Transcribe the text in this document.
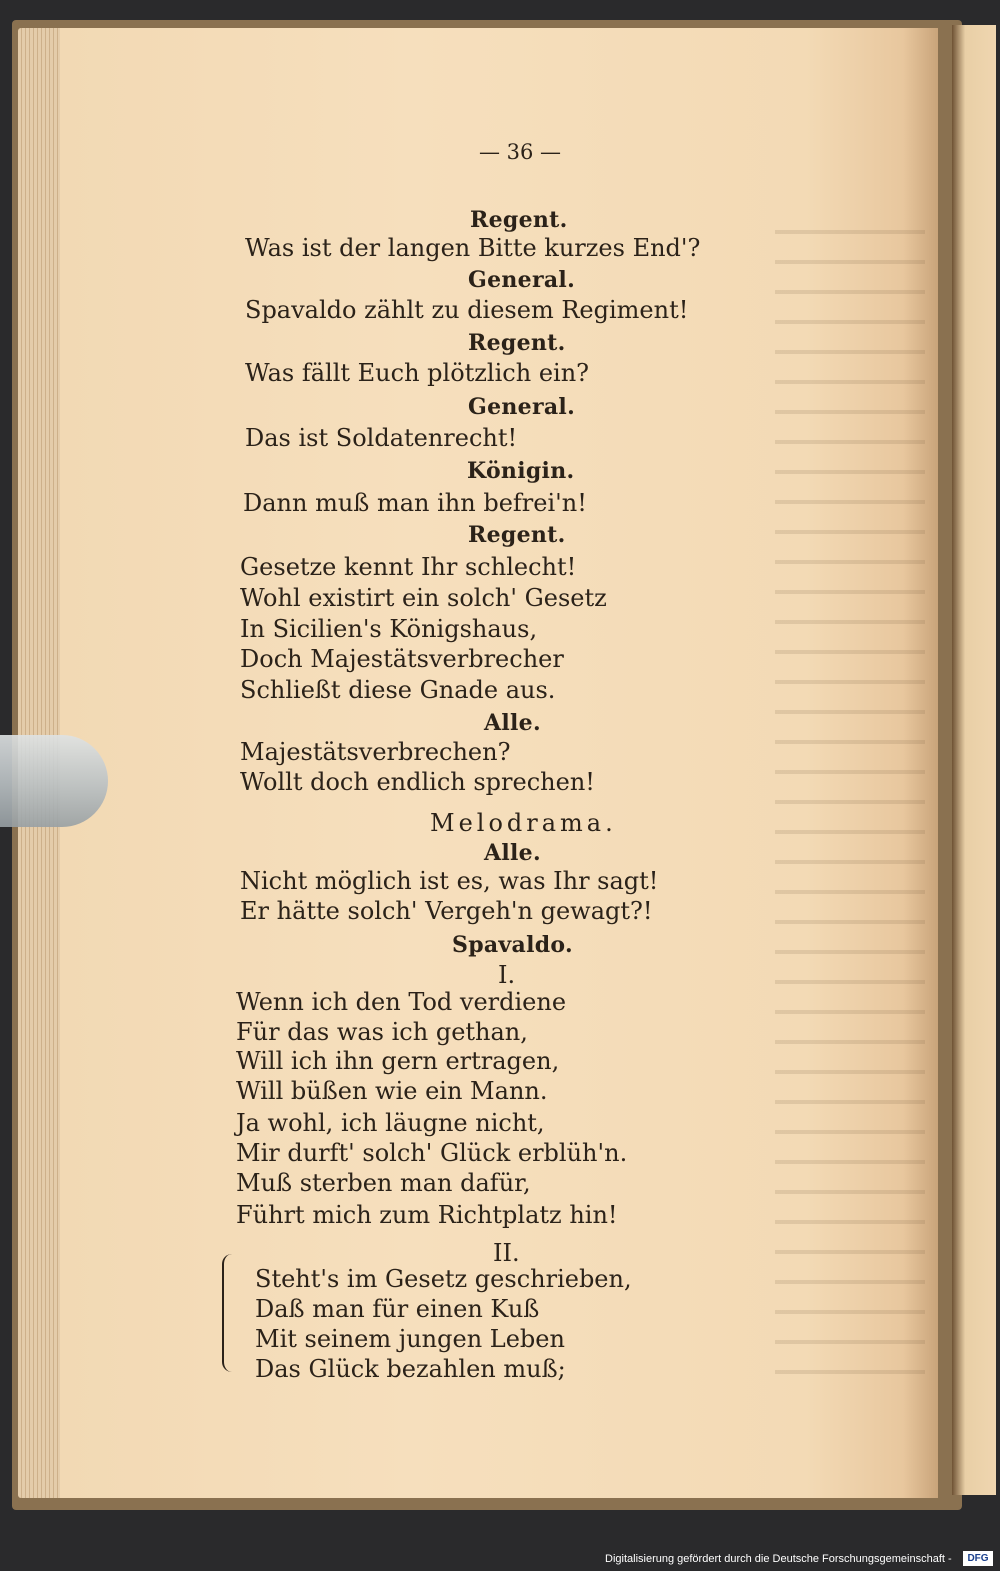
— 36 —
Regent.
Was ist der langen Bitte kurzes End'?
General.
Spavaldo zählt zu diesem Regiment!
Regent.
Was fällt Euch plötzlich ein?
General.
Das ist Soldatenrecht!
Königin.
Dann muß man ihn befrei'n!
Regent.
Gesetze kennt Ihr schlecht!
Wohl existirt ein solch' Gesetz
In Sicilien's Königshaus,
Doch Majestätsverbrecher
Schließt diese Gnade aus.
Alle.
Majestätsverbrechen?
Wollt doch endlich sprechen!
Melodrama.
Alle.
Nicht möglich ist es, was Ihr sagt!
Er hätte solch' Vergeh'n gewagt?!
Spavaldo.
I.
Wenn ich den Tod verdiene
Für das was ich gethan,
Will ich ihn gern ertragen,
Will büßen wie ein Mann.
Ja wohl, ich läugne nicht,
Mir durft' solch' Glück erblüh'n.
Muß sterben man dafür,
Führt mich zum Richtplatz hin!
II.
Steht's im Gesetz geschrieben,
Daß man für einen Kuß
Mit seinem jungen Leben
Das Glück bezahlen muß;
Digitalisierung gefördert durch die Deutsche Forschungsgemeinschaft -	DFG
